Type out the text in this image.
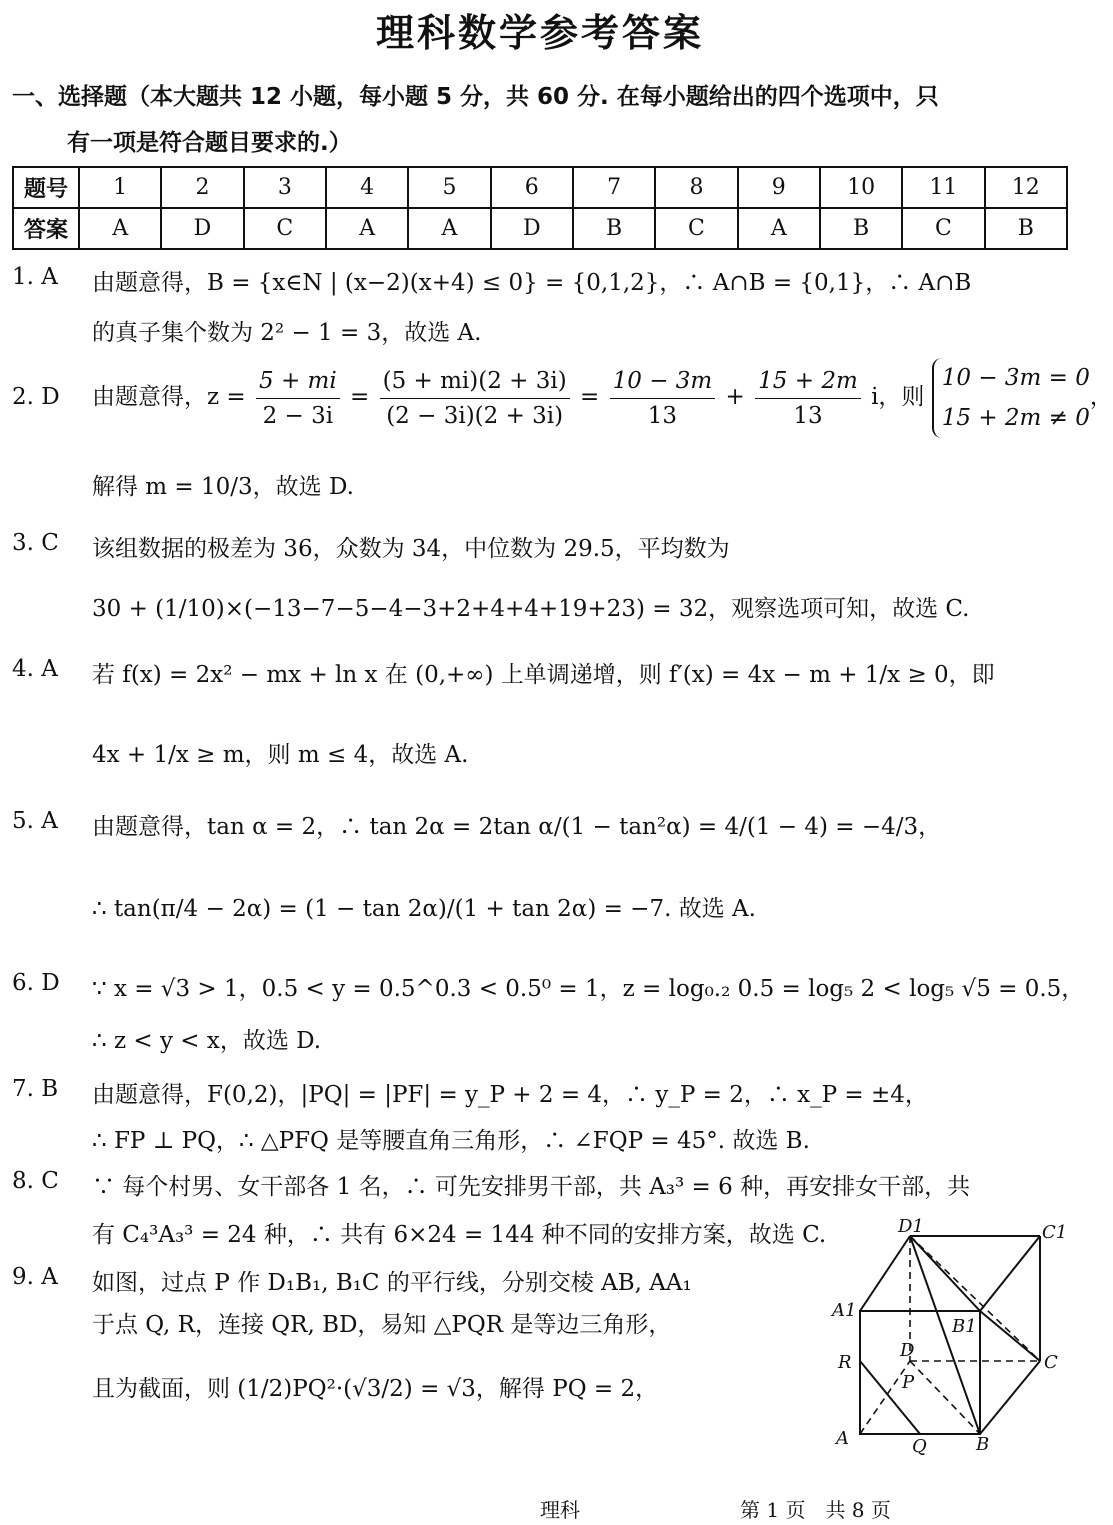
理科数学参考答案
一、选择题（本大题共 12 小题，每小题 5 分，共 60 分. 在每小题给出的四个选项中，只
有一项是符合题目要求的.）
题号	1	2	3	4	5	6	7	8	9	10	11	12
答案	A	D	C	A	A	D	B	C	A	B	C	B
1. A 由题意得，B = {x∈N | (x−2)(x+4) ≤ 0} = {0,1,2}，∴ A∩B = {0,1}，∴ A∩B
的真子集个数为 2² − 1 = 3，故选 A.
2. D 由题意得，$z = \frac{5 + mi}{2 - 3i} = \frac{(5 + mi)(2 + 3i)}{(2 - 3i)(2 + 3i)} = \frac{10 - 3m}{13} + \frac{15 + 2m}{13}$ i，则
10 − 3m = 0
15 + 2m ≠ 0
，
解得 m = 10/3，故选 D.
3. C 该组数据的极差为 36，众数为 34，中位数为 29.5，平均数为
30 + (1/10)×(−13−7−5−4−3+2+4+4+19+23) = 32，观察选项可知，故选 C.
4. A 若 f(x) = 2x² − mx + ln x 在 (0,+∞) 上单调递增，则 f′(x) = 4x − m + 1/x ≥ 0，即
4x + 1/x ≥ m，则 m ≤ 4，故选 A.
5. A 由题意得，tan α = 2，∴ tan 2α = 2tan α/(1 − tan²α) = 4/(1 − 4) = −4/3，
∴ tan(π/4 − 2α) = (1 − tan 2α)/(1 + tan 2α) = −7. 故选 A.
6. D ∵ x = √3 > 1，0.5 < y = 0.5^0.3 < 0.5⁰ = 1，z = log₀.₂ 0.5 = log₅ 2 < log₅ √5 = 0.5，
∴ z < y < x，故选 D.
7. B 由题意得，F(0,2)，|PQ| = |PF| = y_P + 2 = 4，∴ y_P = 2，∴ x_P = ±4，
∴ FP ⊥ PQ，∴ △PFQ 是等腰直角三角形，∴ ∠FQP = 45°. 故选 B.
8. C ∵ 每个村男、女干部各 1 名，∴ 可先安排男干部，共 A₃³ = 6 种，再安排女干部，共
有 C₄³A₃³ = 24 种，∴ 共有 6×24 = 144 种不同的安排方案，故选 C.
9. A 如图，过点 P 作 D₁B₁, B₁C 的平行线，分别交棱 AB, AA₁
于点 Q, R，连接 QR, BD，易知 △PQR 是等边三角形，
且为截面，则 (1/2)PQ²·(√3/2) = √3，解得 PQ = 2，
D1	C1
A1
B1
D
C
R
P
A	Q	B
理科	第 1 页　共 8 页
